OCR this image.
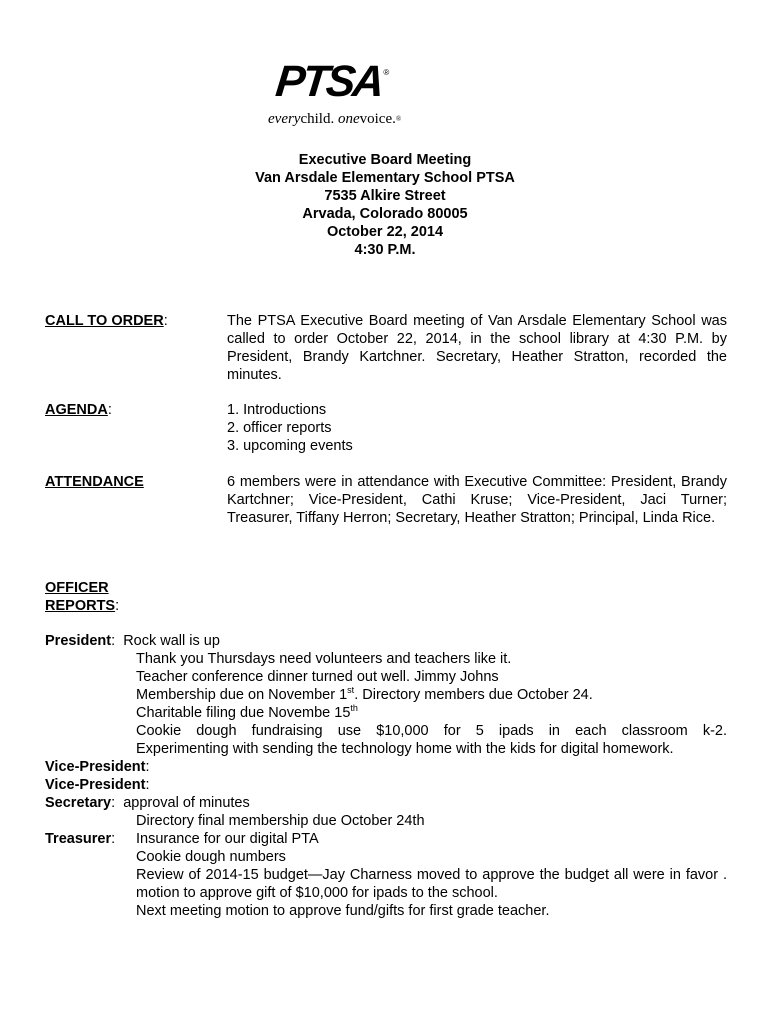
PTSA®
everychild. onevoice.®
Executive Board Meeting
Van Arsdale Elementary School PTSA
7535 Alkire Street
Arvada, Colorado 80005
October 22, 2014
4:30 P.M.
CALL TO ORDER:	The PTSA Executive Board meeting of Van Arsdale Elementary School was called to order October 22, 2014, in the school library at 4:30 P.M. by President, Brandy Kartchner. Secretary, Heather Stratton, recorded the minutes.

AGENDA:	1. Introductions
2. officer reports
3. upcoming events
ATTENDANCE	6 members were in attendance with Executive Committee: President, Brandy Kartchner; Vice-President, Cathi Kruse; Vice-President, Jaci Turner; Treasurer, Tiffany Herron; Secretary, Heather Stratton; Principal, Linda Rice.

OFFICER
REPORTS:
President:  Rock wall is up
Thank you Thursdays need volunteers and teachers like it.
Teacher conference dinner turned out well. Jimmy Johns
Membership due on November 1st. Directory members due October 24.
Charitable filing due Novembe 15th
Cookie dough fundraising use $10,000 for 5 ipads in each classroom k-2.
Experimenting with sending the technology home with the kids for digital homework.
Vice-President:
Vice-President:
Secretary:  approval of minutes
Directory final membership due October 24th
Treasurer: Insurance for our digital PTA
Cookie dough numbers
Review of 2014-15 budget—Jay Charness moved to approve the budget all were in favor . motion to approve gift of $10,000 for ipads to the school.
Next meeting motion to approve fund/gifts for first grade teacher.
